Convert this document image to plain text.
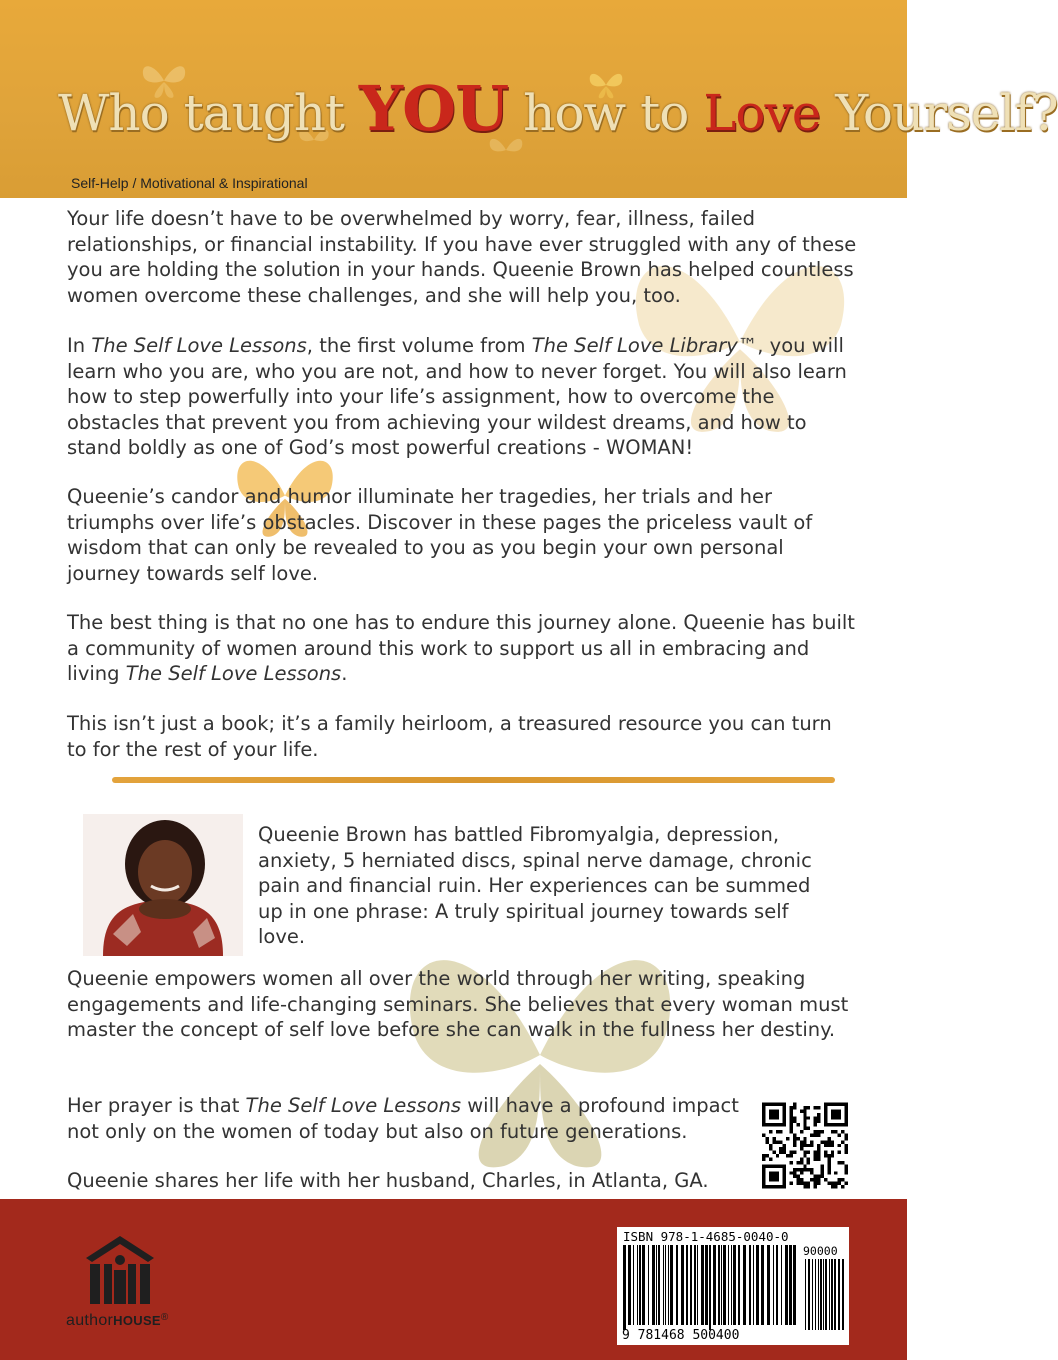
Who taught YOU how to Love Yourself?
Self-Help / Motivational & Inspirational

Your life doesn’t have to be overwhelmed by worry, fear, illness, failed relationships, or financial instability. If you have ever struggled with any of these you are holding the solution in your hands. Queenie Brown has helped countless women overcome these challenges, and she will help you, too.

In The Self Love Lessons, the first volume from The Self Love Library™, you will learn who you are, who you are not, and how to never forget. You will also learn how to step powerfully into your life’s assignment, how to overcome the obstacles that prevent you from achieving your wildest dreams, and how to stand boldly as one of God’s most powerful creations - WOMAN!

Queenie’s candor and humor illuminate her tragedies, her trials and her triumphs over life’s obstacles. Discover in these pages the priceless vault of wisdom that can only be revealed to you as you begin your own personal journey towards self love.

The best thing is that no one has to endure this journey alone. Queenie has built a community of women around this work to support us all in embracing and living The Self Love Lessons.

This isn’t just a book; it’s a family heirloom, a treasured resource you can turn to for the rest of your life.

Queenie Brown has battled Fibromyalgia, depression, anxiety, 5 herniated discs, spinal nerve damage, chronic pain and financial ruin. Her experiences can be summed up in one phrase: A truly spiritual journey towards self love.

Queenie empowers women all over the world through her writing, speaking engagements and life-changing seminars. She believes that every woman must master the concept of self love before she can walk in the fullness her destiny.

Her prayer is that The Self Love Lessons will have a profound impact not only on the women of today but also on future generations.

Queenie shares her life with her husband, Charles, in Atlanta, GA.

authorHOUSE®
ISBN 978-1-4685-0040-0
90000
9 781468 500400
